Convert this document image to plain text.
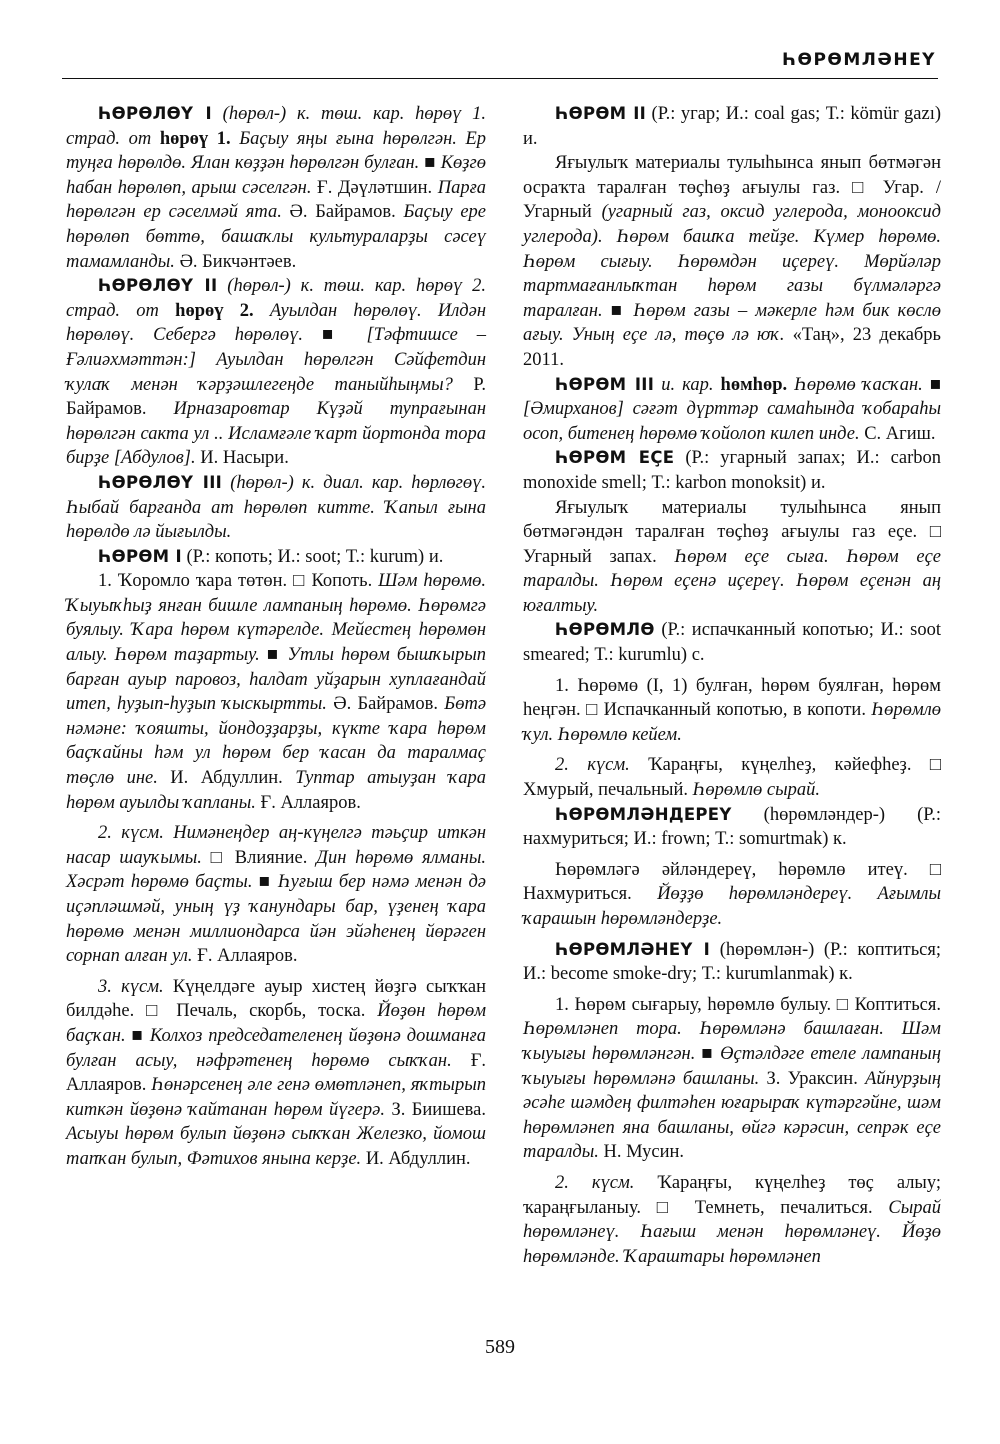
ҺӨРӨМЛӘНЕҮ

ҺӨРӨЛӨҮ I (һөрөл-) к. төш. кар. һөрөү 1. страд. от һөрөү 1. Баҫыу яңы ғына һөрөлгән. Ер туңға һөрөлдө. Ялан көҙҙән һөрөлгән булған. ■ Көҙгө һабан һөрөлөп, арыш сәселгән. Ғ. Дәүләтшин. Парға һөрөлгән ер сәселмәй ята. Ә. Байрамов. Баҫыу ере һөрөлөп бөттө, башаҡлы культураларҙы сәсеү тамамланды. Ә. Бикчәнтәев.

ҺӨРӨЛӨҮ II (һөрөл-) к. төш. кар. һөрөү 2. страд. от һөрөү 2. Ауылдан һөрөлөү. Илдән һөрөлөү. Себергә һөрөлөү. ■ [Тәфтишсе – Ғәлиәхмәттән:] Ауылдан һөрөлгән Сәйфетдин ҡулаҡ менән ҡәрҙәшлегеңде таныйһыңмы? Р. Байрамов. Ирназаровтар Күҙәй тупрағынан һөрөлгән сакта ул .. Исламғәле ҡарт йортонда тора бирҙе [Абдулов]. И. Насыри.

ҺӨРӨЛӨҮ III (һөрөл-) к. диал. кар. һөрлөгөү. Һыбай барғанда ат һөрөлөп китте. Ҡапыл ғына һөрөлдө лә йығылды.

ҺӨРӨМ I (Р.: копоть; И.: soot; Т.: kurum) и.

1. Ҡоромло ҡара төтөн. □ Копоть. Шәм һөрөмө. Ҡыуыҡһыҙ янған бишле лампаның һөрөмө. Һөрөмгә буялыу. Ҡара һөрөм күтәрелде. Мейестең һөрөмөн алыу. Һөрөм таҙартыу. ■ Утлы һөрөм бышҡырып барған ауыр паровоз, һалдат уйҙарын хуплағандай итеп, һуҙып-һуҙып ҡыскыртты. Ә. Байрамов. Бөтә нәмәне: ҡояшты, йондоҙҙарҙы, күкте ҡара һөрөм баҫҡайны һәм ул һөрөм бер ҡасан да таралмаҫ төҫлө ине. И. Абдуллин. Туптар атыуҙан ҡара һөрөм ауылды ҡапланы. Ғ. Аллаяров.

2. күсм. Нимәнеңдер аң-күңелгә тәьҫир иткән насар шауҡымы. □ Влияние. Дин һөрөмө ялманы. Хәсрәт һөрөмө баҫты. ■ Һуғыш бер нәмә менән дә иҫәпләшмәй, уның үҙ ҡанундары бар, үҙенең ҡара һөрөмө менән миллиондарса йән эйәһенең йөрәген сорнап алған ул. Ғ. Аллаяров.

3. күсм. Күңелдәге ауыр хистең йөҙгә сыҡҡан билдәһе. □ Печаль, скорбь, тоска. Йөҙөн һөрөм баҫҡан. ■ Колхоз председателенең йөҙөнә дошманға булған асыу, нәфрәтенең һөрөмө сыҡҡан. Ғ. Аллаяров. Һөнәрсенең әле генә өмөтләнеп, яҡтырып киткән йөҙөнә ҡайтанан һөрөм йүгерә. З. Биишева. Асыуы һөрөм булып йөҙөнә сыҡҡан Железко, йомош тапҡан булып, Фәтихов янына керҙе. И. Абдуллин.

ҺӨРӨМ II (Р.: угар; И.: coal gas; Т.: kömür gazı) и.

Яғыулыҡ материалы тулыһынса янып бөтмәгән осраҡта таралған төҫһөҙ ағыулы газ. □ Угар. / Угарный (угарный газ, оксид углерода, монооксид углерода). Һөрөм башҡа тейҙе. Күмер һөрөмө. Һөрөм сығыу. Һөрөмдән иҫереү. Мөрйәләр тартмағанлыҡтан һөрөм газы бүлмәләргә таралған. ■ Һөрөм газы – мәкерле һәм бик көслө ағыу. Уның еҫе лә, төҫө лә юҡ. «Таң», 23 декабрь 2011.

ҺӨРӨМ III и. кар. һөмһөр. Һөрөмө ҡасҡан. ■ [Әмирханов] сәғәт дүрттәр самаһында ҡобараһы осоп, битенең һөрөмө ҡойолоп килеп инде. С. Агиш.

ҺӨРӨМ ЕҪЕ (Р.: угарный запах; И.: carbon monoxide smell; Т.: karbon monoksit) и.

Яғыулыҡ материалы тулыһынса янып бөтмәгәндән таралған төҫһөҙ ағыулы газ еҫе. □ Угарный запах. Һөрөм еҫе сыға. Һөрөм еҫе таралды. Һөрөм еҫенә иҫереү. Һөрөм еҫенән аң юғалтыу.

ҺӨРӨМЛӨ (Р.: испачканный копотью; И.: soot smeared; Т.: kurumlu) с.

1. Һөрөмө (I, 1) булған, һөрөм буялған, һөрөм һеңгән. □ Испачканный копотью, в копоти. Һөрөмлө ҡул. Һөрөмлө кейем.

2. күсм. Ҡараңғы, күңелһеҙ, кәйефһеҙ. □ Хмурый, печальный. Һөрөмлө сырай.

ҺӨРӨМЛӘНДЕРЕҮ (һөрөмләндер-) (Р.: нахмуриться; И.: frown; Т.: somurtmak) к.

Һөрөмләгә әйләндереү, һөрөмлө итеү. □ Нахмуриться. Йөҙҙө һөрөмләндереү. Ағымлы ҡарашын һөрөмләндерҙе.

ҺӨРӨМЛӘНЕҮ I (һөрөмлән-) (Р.: коптиться; И.: become smoke-dry; Т.: kurumlanmak) к.

1. Һөрөм сығарыу, һөрөмлө булыу. □ Коптиться. Һөрөмләнеп тора. Һөрөмләнә башлаған. Шәм ҡыуығы һөрөмләнгән. ■ Өҫтәлдәге етеле лампаның ҡыуығы һөрөмләнә башланы. З. Ураксин. Айнурҙың әсәһе шәмдең филтәһен юғарыраҡ күтәргәйне, шәм һөрөмләнеп яна башланы, өйгә кәрәсин, сепрәк еҫе таралды. Н. Мусин.

2. күсм. Ҡараңғы, күңелһеҙ төҫ алыу; ҡараңғыланыу. □ Темнеть, печалиться. Сырай һөрөмләнеү. Һағыш менән һөрөмләнеү. Йөҙө һөрөмләнде. Ҡараштары һөрөмләнеп

589
